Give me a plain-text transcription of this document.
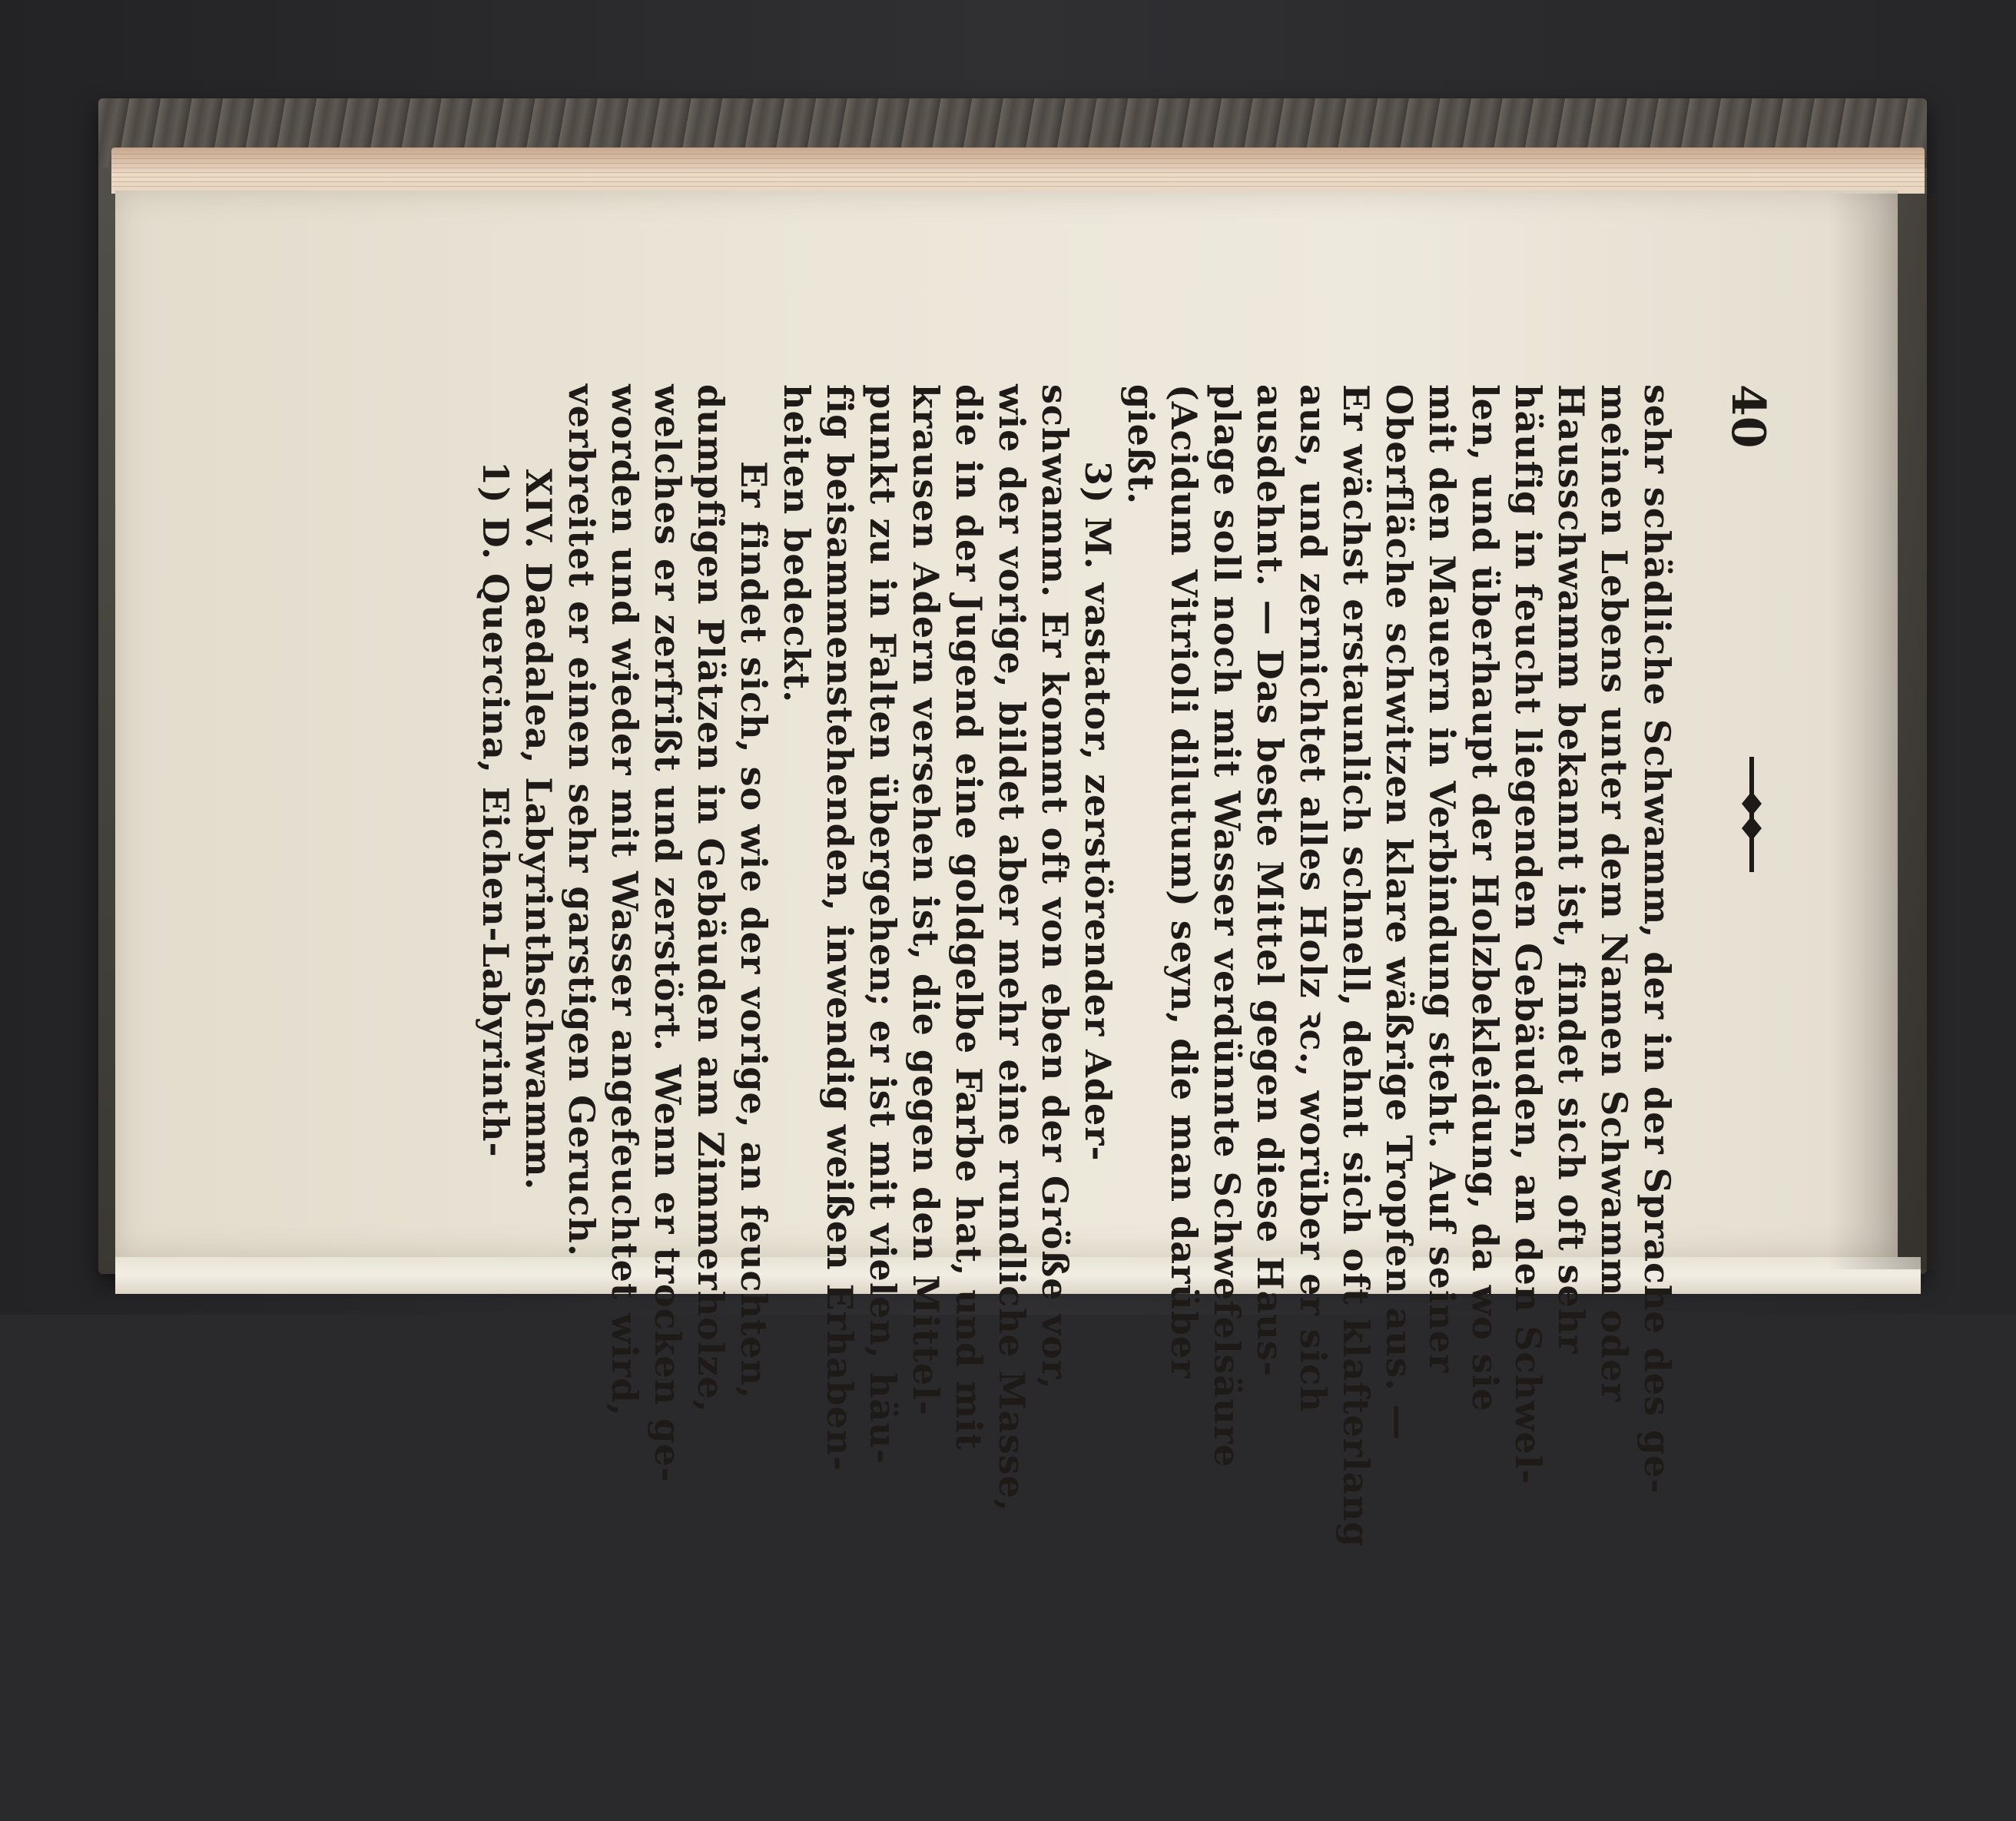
40
sehr schädliche Schwamm, der in der Sprache des ge-
meinen Lebens unter dem Namen Schwamm oder
Hausschwamm bekannt ist, findet sich oft sehr
häufig in feucht liegenden Gebäuden, an den Schwel-
len, und überhaupt der Holzbekleidung, da wo sie
mit den Mauern in Verbindung steht. Auf seiner
Oberfläche schwitzen klare wäßrige Tropfen aus. —
Er wächst erstaunlich schnell, dehnt sich oft klafterlang
aus, und zernichtet alles Holz ꝛc., worüber er sich
ausdehnt. — Das beste Mittel gegen diese Haus-
plage soll noch mit Wasser verdünnte Schwefelsäure
(Acidum Vitrioli dilutum) seyn, die man darüber
gießt.
3) M. vastator, zerstörender Ader-
schwamm. Er kommt oft von eben der Größe vor,
wie der vorige, bildet aber mehr eine rundliche Masse,
die in der Jugend eine goldgelbe Farbe hat, und mit
krausen Adern versehen ist, die gegen den Mittel-
punkt zu in Falten übergehen; er ist mit vielen, häu-
fig beisammenstehenden, inwendig weißen Erhaben-
heiten bedeckt.
Er findet sich, so wie der vorige, an feuchten,
dumpfigen Plätzen in Gebäuden am Zimmerholze,
welches er zerfrißt und zerstört. Wenn er trocken ge-
worden und wieder mit Wasser angefeuchtet wird,
verbreitet er einen sehr garstigen Geruch.
XIV. Daedalea, Labyrinthschwamm.
1) D. Quercina, Eichen-Labyrinth-
